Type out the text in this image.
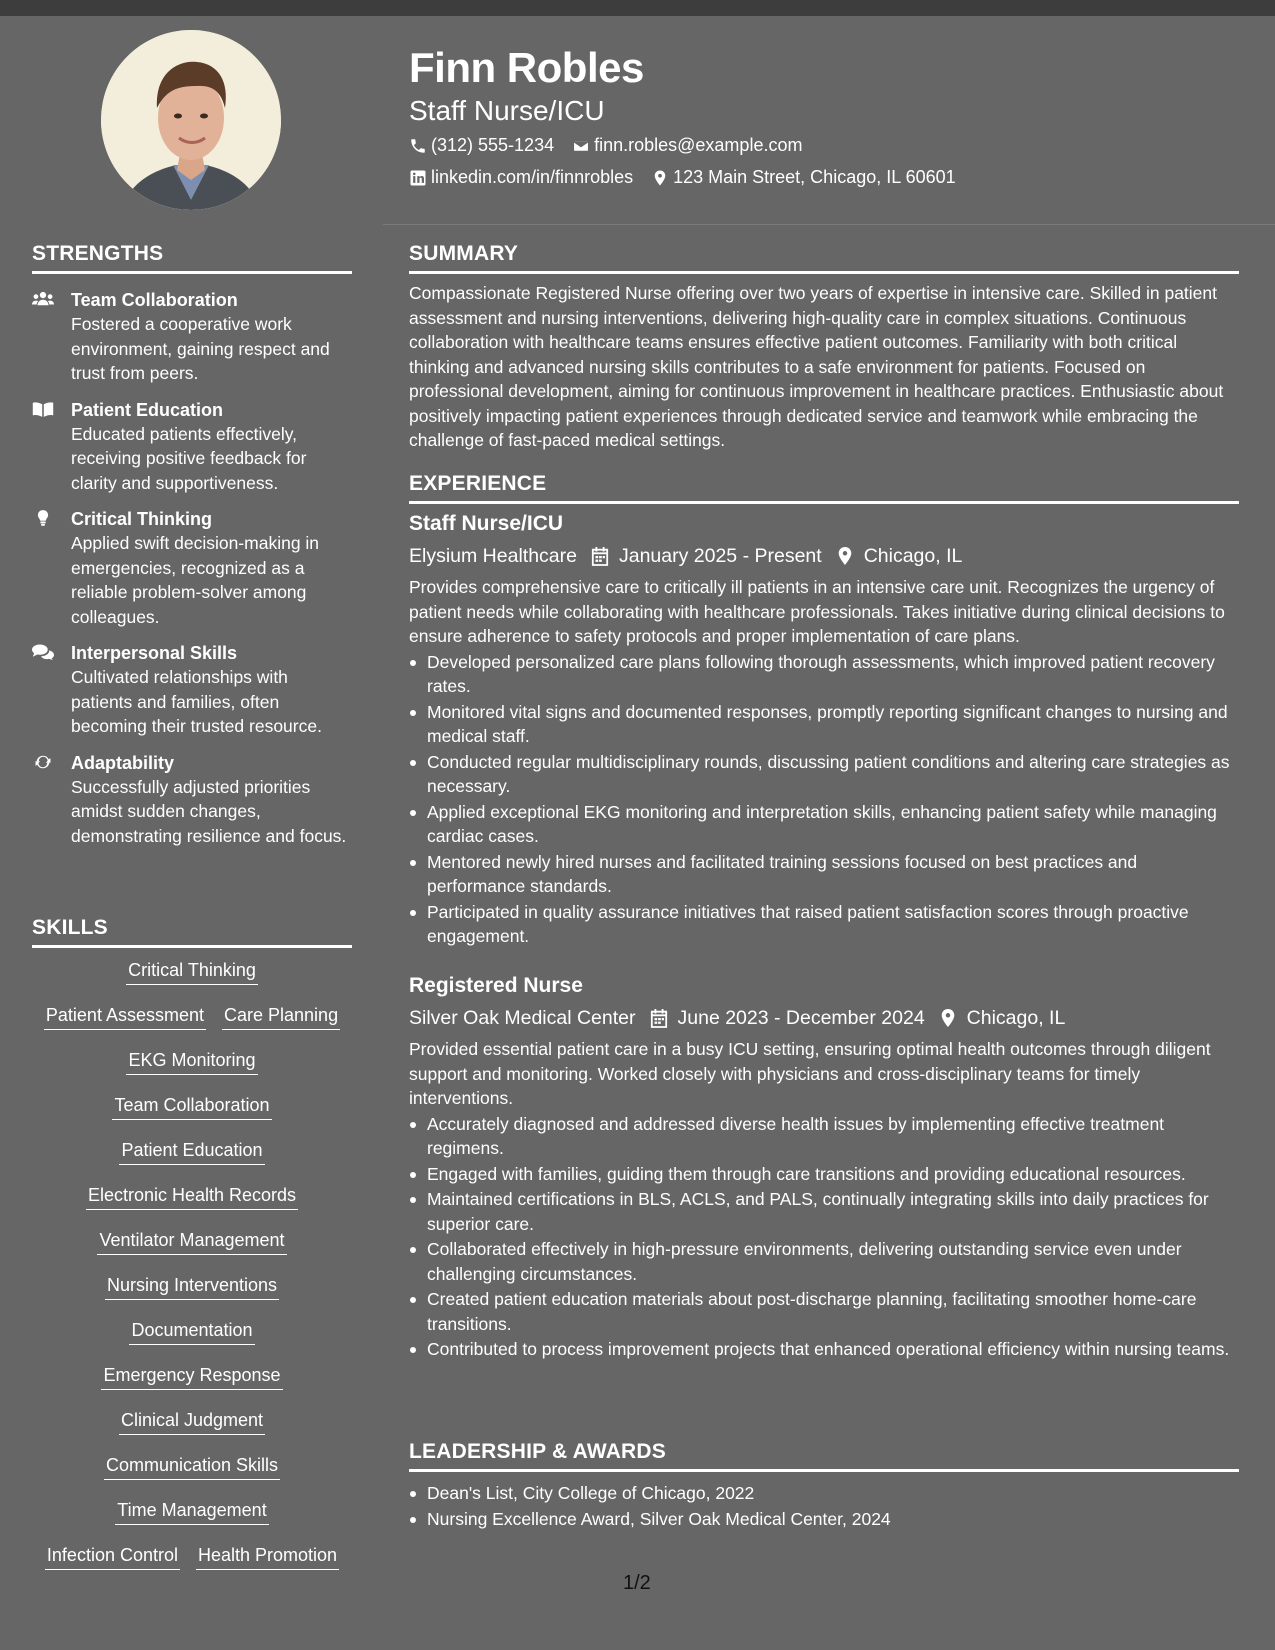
Finn Robles
Staff Nurse/ICU
(312) 555-1234 finn.robles@example.com
linkedin.com/in/finnrobles 123 Main Street, Chicago, IL 60601
STRENGTHS
Team Collaboration
Fostered a cooperative work environment, gaining respect and trust from peers.
Patient Education
Educated patients effectively, receiving positive feedback for clarity and supportiveness.
Critical Thinking
Applied swift decision-making in emergencies, recognized as a reliable problem-solver among colleagues.
Interpersonal Skills
Cultivated relationships with patients and families, often becoming their trusted resource.
Adaptability
Successfully adjusted priorities amidst sudden changes, demonstrating resilience and focus.
SKILLS
Critical Thinking
Patient Assessment Care Planning
EKG Monitoring
Team Collaboration
Patient Education
Electronic Health Records
Ventilator Management
Nursing Interventions
Documentation
Emergency Response
Clinical Judgment
Communication Skills
Time Management
Infection Control Health Promotion
SUMMARY
Compassionate Registered Nurse offering over two years of expertise in intensive care. Skilled in patient assessment and nursing interventions, delivering high-quality care in complex situations. Continuous collaboration with healthcare teams ensures effective patient outcomes. Familiarity with both critical thinking and advanced nursing skills contributes to a safe environment for patients. Focused on professional development, aiming for continuous improvement in healthcare practices. Enthusiastic about positively impacting patient experiences through dedicated service and teamwork while embracing the challenge of fast-paced medical settings.
EXPERIENCE
Staff Nurse/ICU
Elysium Healthcare January 2025 - Present Chicago, IL
Provides comprehensive care to critically ill patients in an intensive care unit. Recognizes the urgency of patient needs while collaborating with healthcare professionals. Takes initiative during clinical decisions to ensure adherence to safety protocols and proper implementation of care plans.
Developed personalized care plans following thorough assessments, which improved patient recovery rates.
Monitored vital signs and documented responses, promptly reporting significant changes to nursing and medical staff.
Conducted regular multidisciplinary rounds, discussing patient conditions and altering care strategies as necessary.
Applied exceptional EKG monitoring and interpretation skills, enhancing patient safety while managing cardiac cases.
Mentored newly hired nurses and facilitated training sessions focused on best practices and performance standards.
Participated in quality assurance initiatives that raised patient satisfaction scores through proactive engagement.
Registered Nurse
Silver Oak Medical Center June 2023 - December 2024 Chicago, IL
Provided essential patient care in a busy ICU setting, ensuring optimal health outcomes through diligent support and monitoring. Worked closely with physicians and cross-disciplinary teams for timely interventions.
Accurately diagnosed and addressed diverse health issues by implementing effective treatment regimens.
Engaged with families, guiding them through care transitions and providing educational resources.
Maintained certifications in BLS, ACLS, and PALS, continually integrating skills into daily practices for superior care.
Collaborated effectively in high-pressure environments, delivering outstanding service even under challenging circumstances.
Created patient education materials about post-discharge planning, facilitating smoother home-care transitions.
Contributed to process improvement projects that enhanced operational efficiency within nursing teams.
LEADERSHIP & AWARDS
Dean's List, City College of Chicago, 2022
Nursing Excellence Award, Silver Oak Medical Center, 2024
1/2
